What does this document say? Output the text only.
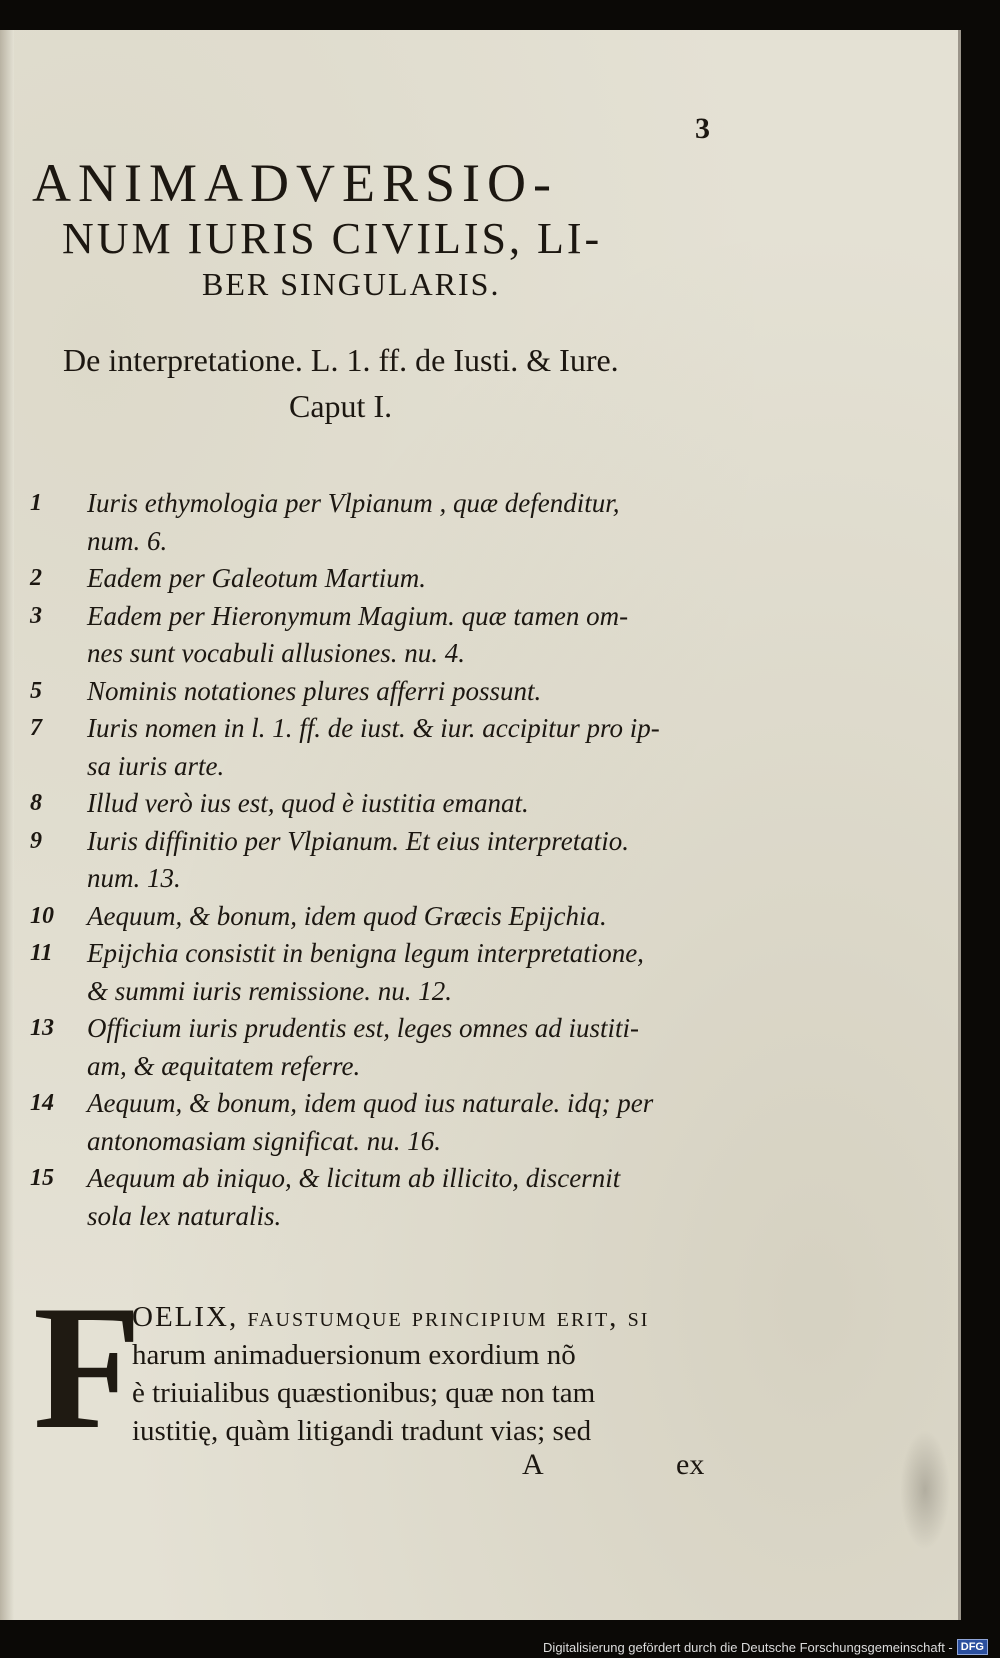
3
ANIMADVERSIO-
NUM IURIS CIVILIS, LI-
BER SINGULARIS.
De interpretatione. L. 1. ff. de Iusti. & Iure.
Caput I.
1	Iuris ethymologia per Vlpianum , quæ defenditur,
num. 6.
2	Eadem per Galeotum Martium.
3	Eadem per Hieronymum Magium. quæ tamen om-
nes sunt vocabuli allusiones. nu. 4.
5	Nominis notationes plures afferri possunt.
7	Iuris nomen in l. 1. ff. de iust. & iur. accipitur pro ip-
sa iuris arte.
8	Illud verò ius est, quod è iustitia emanat.
9	Iuris diffinitio per Vlpianum. Et eius interpretatio.
num. 13.
10	Aequum, & bonum, idem quod Græcis Epijchia.
11	Epijchia consistit in benigna legum interpretatione,
& summi iuris remissione. nu. 12.
13	Officium iuris prudentis est, leges omnes ad iustiti-
am, & æquitatem referre.
14	Aequum, & bonum, idem quod ius naturale. idq; per
antonomasiam significat. nu. 16.
15	Aequum ab iniquo, & licitum ab illicito, discernit
sola lex naturalis.
F
OELIX, faustumque principium erit, si
harum animaduersionum exordium nõ
è triuialibus quæstionibus; quæ non tam
iustitię, quàm litigandi tradunt vias; sed
A	ex
Digitalisierung gefördert durch die Deutsche Forschungsgemeinschaft - DFG
